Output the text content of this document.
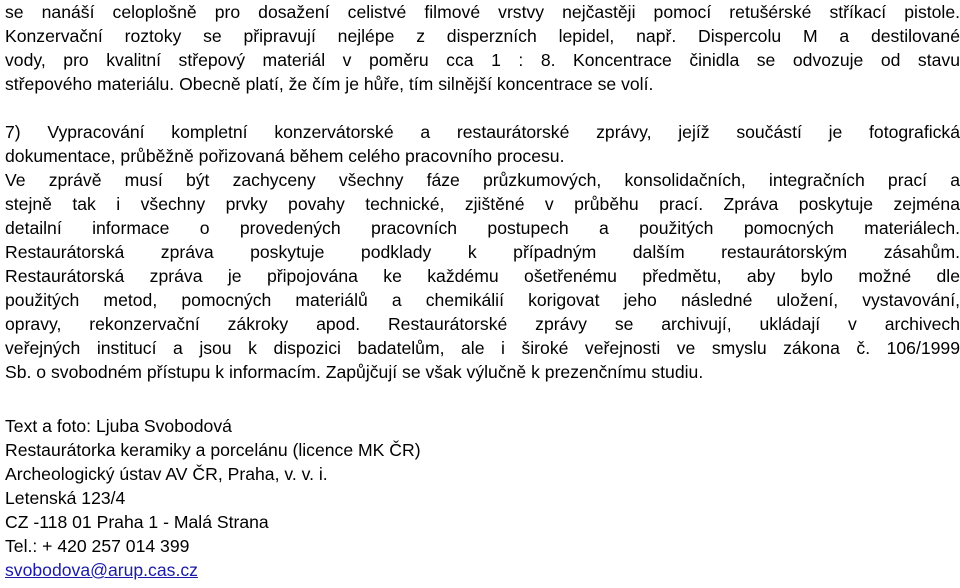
se nanáší celoplošně pro dosažení celistvé filmové vrstvy nejčastěji pomocí retušérské stříkací pistole.
Konzervační roztoky se připravují nejlépe z disperzních lepidel, např. Dispercolu M a destilované
vody, pro kvalitní střepový materiál v poměru cca 1 : 8. Koncentrace činidla se odvozuje od stavu
střepového materiálu. Obecně platí, že čím je hůře, tím silnější koncentrace se volí.
7) Vypracování kompletní konzervátorské a restaurátorské zprávy, jejíž součástí je fotografická
dokumentace, průběžně pořizovaná během celého pracovního procesu.
Ve zprávě musí být zachyceny všechny fáze průzkumových, konsolidačních, integračních prací a
stejně tak i všechny prvky povahy technické, zjištěné v průběhu prací. Zpráva poskytuje zejména
detailní informace o provedených pracovních postupech a použitých pomocných materiálech.
Restaurátorská zpráva poskytuje podklady k případným dalším restaurátorským zásahům.
Restaurátorská zpráva je připojována ke každému ošetřenému předmětu, aby bylo možné dle
použitých metod, pomocných materiálů a chemikálií korigovat jeho následné uložení, vystavování,
opravy, rekonzervační zákroky apod. Restaurátorské zprávy se archivují, ukládají v archivech
veřejných institucí a jsou k dispozici badatelům, ale i široké veřejnosti ve smyslu zákona č. 106/1999
Sb. o svobodném přístupu k informacím. Zapůjčují se však výlučně k prezenčnímu studiu.
Text a foto: Ljuba Svobodová
Restaurátorka keramiky a porcelánu (licence MK ČR)
Archeologický ústav AV ČR, Praha, v. v. i.
Letenská 123/4
CZ -118 01 Praha 1 - Malá Strana
Tel.: + 420 257 014 399
svobodova@arup.cas.cz
